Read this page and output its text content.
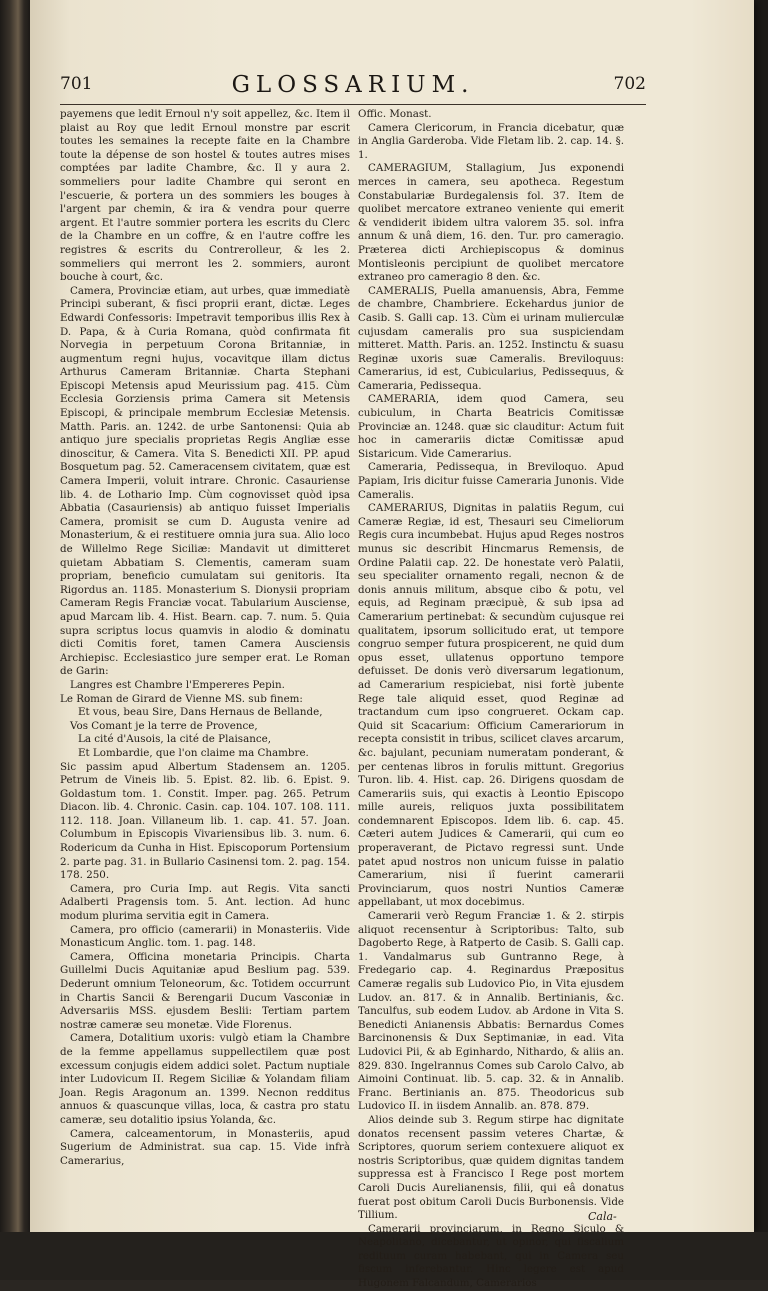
701	GLOSSARIUM.	702

payemens que ledit Ernoul n'y soit appellez, &c. Item il plaist au Roy que ledit Ernoul monstre par escrit toutes les semaines la recepte faite en la Chambre toute la dépense de son hostel & toutes autres mises comptées par ladite Chambre, &c. Il y aura 2. sommeliers pour ladite Chambre qui seront en l'escuerie, & portera un des sommiers les bouges à l'argent par chemin, & ira & vendra pour querre argent. Et l'autre sommier portera les escrits du Clerc de la Chambre en un coffre, & en l'autre coffre les registres & escrits du Contrerolleur, & les 2. sommeliers qui merront les 2. sommiers, auront bouche à court, &c.

Camera, Provinciæ etiam, aut urbes, quæ immediatè Principi suberant, & fisci proprii erant, dictæ. Leges Edwardi Confessoris: Impetravit temporibus illis Rex à D. Papa, & à Curia Romana, quòd confirmata fit Norvegia in perpetuum Corona Britanniæ, in augmentum regni hujus, vocavitque illam dictus Arthurus Cameram Britanniæ. Charta Stephani Episcopi Metensis apud Meurissium pag. 415. Cùm Ecclesia Gorziensis prima Camera sit Metensis Episcopi, & principale membrum Ecclesiæ Metensis. Matth. Paris. an. 1242. de urbe Santonensi: Quia ab antiquo jure specialis proprietas Regis Angliæ esse dinoscitur, & Camera. Vita S. Benedicti XII. PP. apud Bosquetum pag. 52. Cameracensem civitatem, quæ est Camera Imperii, voluit intrare. Chronic. Casauriense lib. 4. de Lothario Imp. Cùm cognovisset quòd ipsa Abbatia (Casauriensis) ab antiquo fuisset Imperialis Camera, promisit se cum D. Augusta venire ad Monasterium, & ei restituere omnia jura sua. Alio loco de Willelmo Rege Siciliæ: Mandavit ut dimitteret quietam Abbatiam S. Clementis, cameram suam propriam, beneficio cumulatam sui genitoris. Ita Rigordus an. 1185. Monasterium S. Dionysii propriam Cameram Regis Franciæ vocat. Tabularium Ausciense, apud Marcam lib. 4. Hist. Bearn. cap. 7. num. 5. Quia supra scriptus locus quamvis in alodio & dominatu dicti Comitis foret, tamen Camera Ausciensis Archiepisc. Ecclesiastico jure semper erat. Le Roman de Garin:

Langres est Chambre l'Empereres Pepin.

Le Roman de Girard de Vienne MS. sub finem:

Et vous, beau Sire, Dans Hernaus de Bellande,

Vos Comant je la terre de Provence,

La cité d'Ausois, la cité de Plaisance,

Et Lombardie, que l'on claime ma Chambre.

Sic passim apud Albertum Stadensem an. 1205. Petrum de Vineis lib. 5. Epist. 82. lib. 6. Epist. 9. Goldastum tom. 1. Constit. Imper. pag. 265. Petrum Diacon. lib. 4. Chronic. Casin. cap. 104. 107. 108. 111. 112. 118. Joan. Villaneum lib. 1. cap. 41. 57. Joan. Columbum in Episcopis Vivariensibus lib. 3. num. 6. Rodericum da Cunha in Hist. Episcoporum Portensium 2. parte pag. 31. in Bullario Casinensi tom. 2. pag. 154. 178. 250.

Camera, pro Curia Imp. aut Regis. Vita sancti Adalberti Pragensis tom. 5. Ant. lection. Ad hunc modum plurima servitia egit in Camera.

Camera, pro officio (camerarii) in Monasteriis. Vide Monasticum Anglic. tom. 1. pag. 148.

Camera, Officina monetaria Principis. Charta Guillelmi Ducis Aquitaniæ apud Beslium pag. 539. Dederunt omnium Teloneorum, &c. Totidem occurrunt in Chartis Sancii & Berengarii Ducum Vasconiæ in Adversariis MSS. ejusdem Beslii: Tertiam partem nostræ cameræ seu monetæ. Vide Florenus.

Camera, Dotalitium uxoris: vulgò etiam la Chambre de la femme appellamus suppellectilem quæ post excessum conjugis eidem addici solet. Pactum nuptiale inter Ludovicum II. Regem Siciliæ & Yolandam filiam Joan. Regis Aragonum an. 1399. Necnon redditus annuos & quascunque villas, loca, & castra pro statu cameræ, seu dotalitio ipsius Yolanda, &c.

Camera, calceamentorum, in Monasteriis, apud Sugerium de Administrat. sua cap. 15. Vide infrà Camerarius,

Offic. Monast.

Camera Clericorum, in Francia dicebatur, quæ in Anglia Garderoba. Vide Fletam lib. 2. cap. 14. §. 1.

CAMERAGIUM, Stallagium, Jus exponendi merces in camera, seu apotheca. Regestum Constabulariæ Burdegalensis fol. 37. Item de quolibet mercatore extraneo veniente qui emerit & vendiderit ibidem ultra valorem 35. sol. infra annum & unâ diem, 16. den. Tur. pro cameragio. Præterea dicti Archiepiscopus & dominus Montisleonis percipiunt de quolibet mercatore extraneo pro cameragio 8 den. &c.

CAMERALIS, Puella amanuensis, Abra, Femme de chambre, Chambriere. Eckehardus junior de Casib. S. Galli cap. 13. Cùm ei urinam mulierculæ cujusdam cameralis pro sua suspiciendam mitteret. Matth. Paris. an. 1252. Instinctu & suasu Reginæ uxoris suæ Cameralis. Breviloquus: Camerarius, id est, Cubicularius, Pedissequus, & Cameraria, Pedissequa.

CAMERARIA, idem quod Camera, seu cubiculum, in Charta Beatricis Comitissæ Provinciæ an. 1248. quæ sic clauditur: Actum fuit hoc in camerariis dictæ Comitissæ apud Sistaricum. Vide Camerarius.

Cameraria, Pedissequa, in Breviloquo. Apud Papiam, Iris dicitur fuisse Cameraria Junonis. Vide Cameralis.

CAMERARIUS, Dignitas in palatiis Regum, cui Cameræ Regiæ, id est, Thesauri seu Cimeliorum Regis cura incumbebat. Hujus apud Reges nostros munus sic describit Hincmarus Remensis, de Ordine Palatii cap. 22. De honestate verò Palatii, seu specialiter ornamento regali, necnon & de donis annuis militum, absque cibo & potu, vel equis, ad Reginam præcipuè, & sub ipsa ad Camerarium pertinebat: & secundùm cujusque rei qualitatem, ipsorum sollicitudo erat, ut tempore congruo semper futura prospicerent, ne quid dum opus esset, ullatenus opportuno tempore defuisset. De donis verò diversarum legationum, ad Camerarium respiciebat, nisi fortè jubente Rege tale aliquid esset, quod Reginæ ad tractandum cum ipso congrueret. Ockam cap. Quid sit Scacarium: Officium Camerariorum in recepta consistit in tribus, scilicet claves arcarum, &c. bajulant, pecuniam numeratam ponderant, & per centenas libros in forulis mittunt. Gregorius Turon. lib. 4. Hist. cap. 26. Dirigens quosdam de Camerariis suis, qui exactis à Leontio Episcopo mille aureis, reliquos juxta possibilitatem condemnarent Episcopos. Idem lib. 6. cap. 45. Cæteri autem Judices & Camerarii, qui cum eo properaverant, de Pictavo regressi sunt. Unde patet apud nostros non unicum fuisse in palatio Camerarium, nisi iî fuerint camerarii Provinciarum, quos nostri Nuntios Cameræ appellabant, ut mox docebimus.

Camerarii verò Regum Franciæ 1. & 2. stirpis aliquot recensentur à Scriptoribus: Talto, sub Dagoberto Rege, à Ratperto de Casib. S. Galli cap. 1. Vandalmarus sub Guntranno Rege, à Fredegario cap. 4. Reginardus Præpositus Cameræ regalis sub Ludovico Pio, in Vita ejusdem Ludov. an. 817. & in Annalib. Bertinianis, &c. Tanculfus, sub eodem Ludov. ab Ardone in Vita S. Benedicti Anianensis Abbatis: Bernardus Comes Barcinonensis & Dux Septimaniæ, in ead. Vita Ludovici Pii, & ab Eginhardo, Nithardo, & aliis an. 829. 830. Ingelrannus Comes sub Carolo Calvo, ab Aimoini Continuat. lib. 5. cap. 32. & in Annalib. Franc. Bertinianis an. 875. Theodoricus sub Ludovico II. in iisdem Annalib. an. 878. 879.

Alios deinde sub 3. Regum stirpe hac dignitate donatos recensent passim veteres Chartæ, & Scriptores, quorum seriem contexuere aliquot ex nostris Scriptoribus, quæ quidem dignitas tandem suppressa est à Francisco I Rege post mortem Caroli Ducis Aurelianensis, filii, qui eâ donatus fuerat post obitum Caroli Ducis Burbonensis. Vide Tillium.

Camerarii provinciarum, in Regno Siculo & Neapolitano, dicebantur, ut opinor, qui fiscalium redituum curam habebant, qui in Camera seu fiscum inferebantur. Hinc legere est apud Hugonem Falcandum, Camerarios

Cala-
